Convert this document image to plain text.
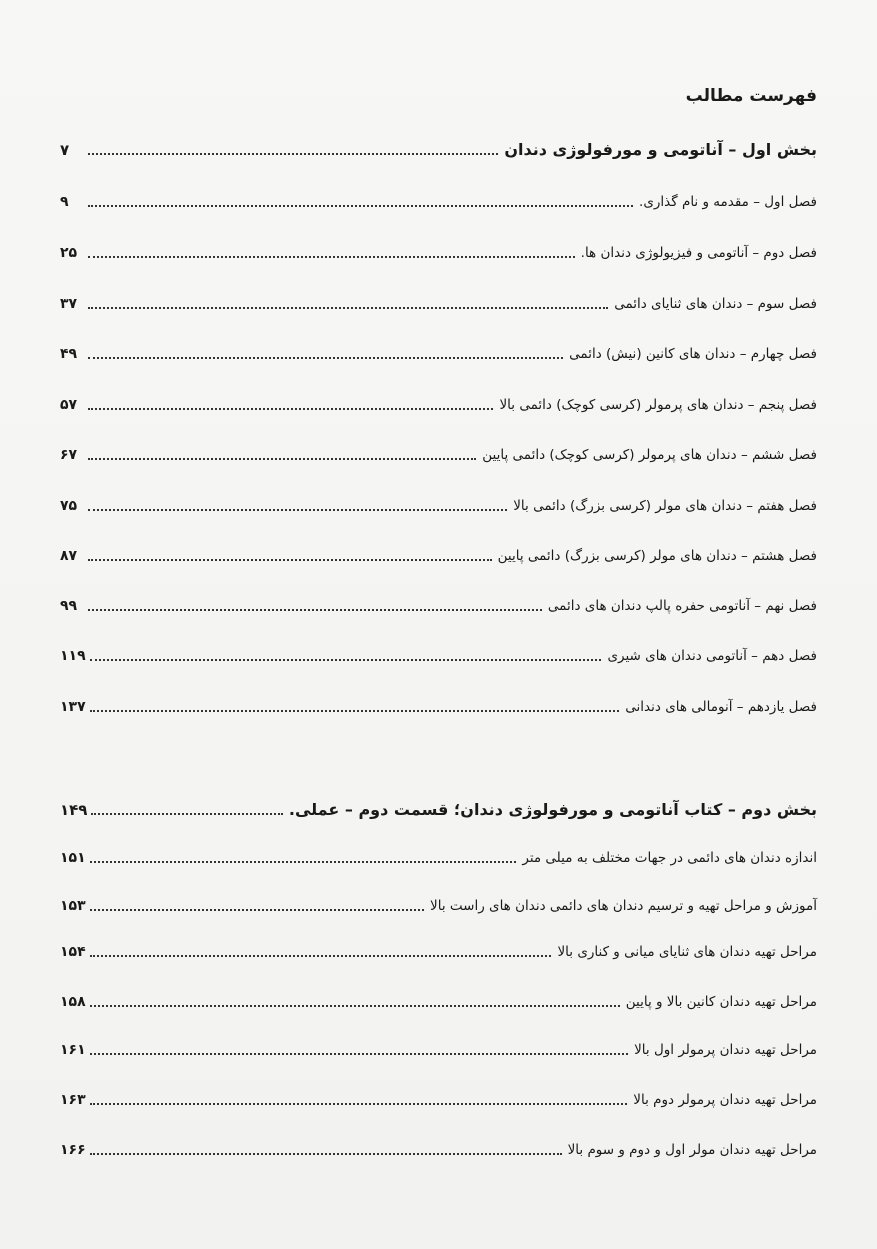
فهرست مطالب
بخش اول – آناتومی و مورفولوژی دندان
۷
فصل اول – مقدمه و نام گذاری.
۹
فصل دوم – آناتومی و فیزیولوژی دندان ها.
۲۵
فصل سوم – دندان های ثنایای دائمی
۳۷
فصل چهارم – دندان های کانین (نیش) دائمی
۴۹
فصل پنجم – دندان های پرمولر (کرسی کوچک) دائمی بالا
۵۷
فصل ششم – دندان های پرمولر (کرسی کوچک) دائمی پایین
۶۷
فصل هفتم – دندان های مولر (کرسی بزرگ) دائمی بالا
۷۵
فصل هشتم – دندان های مولر (کرسی بزرگ) دائمی پایین
۸۷
فصل نهم – آناتومی حفره پالپ دندان های دائمی
۹۹
فصل دهم – آناتومی دندان های شیری
۱۱۹
فصل یازدهم – آنومالی های دندانی
۱۳۷
بخش دوم – کتاب آناتومی و مورفولوژی دندان؛ قسمت دوم – عملی.
۱۴۹
اندازه دندان های دائمی در جهات مختلف به میلی متر
۱۵۱
آموزش و مراحل تهیه و ترسیم دندان های دائمی دندان های راست بالا
۱۵۳
مراحل تهیه دندان های ثنایای میانی و کناری بالا
۱۵۴
مراحل تهیه دندان کانین بالا و پایین
۱۵۸
مراحل تهیه دندان پرمولر اول بالا
۱۶۱
مراحل تهیه دندان پرمولر دوم بالا
۱۶۳
مراحل تهیه دندان مولر اول و دوم و سوم بالا
۱۶۶
